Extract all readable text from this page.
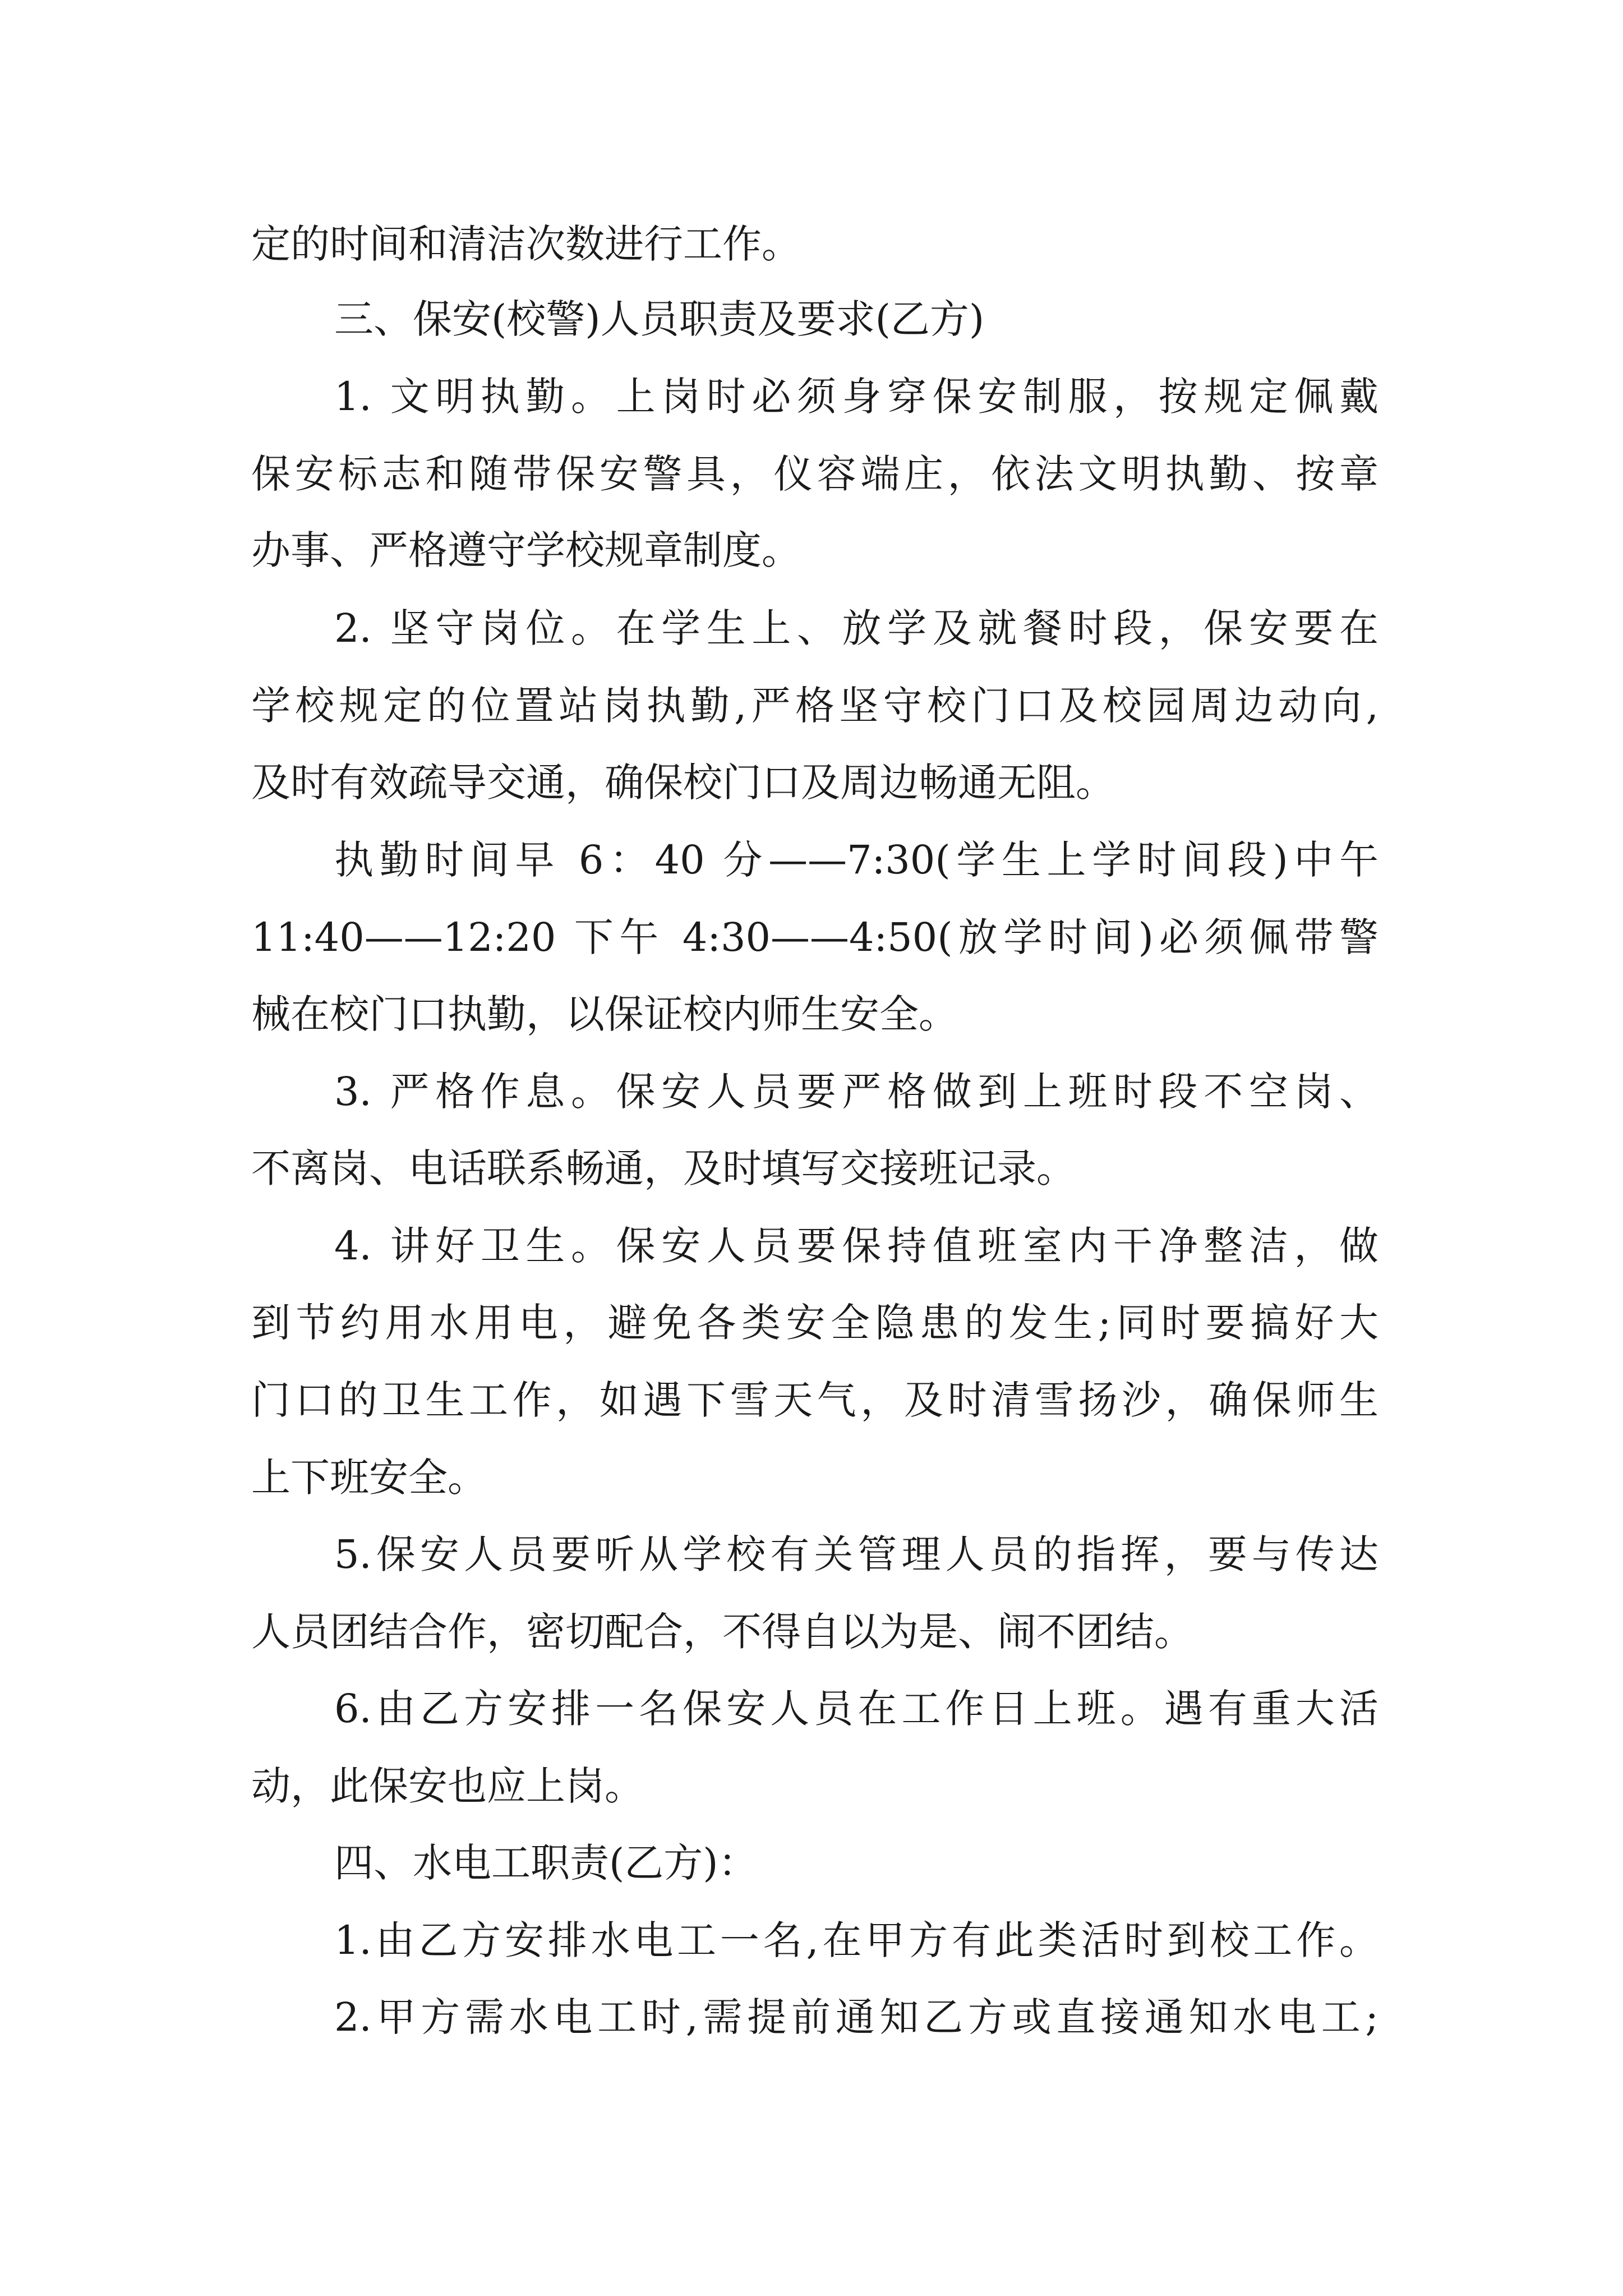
定的时间和清洁次数进行工作。
三、保安(校警)人员职责及要求(乙方)
1. 文明执勤。上岗时必须身穿保安制服，按规定佩戴
保安标志和随带保安警具，仪容端庄，依法文明执勤、按章
办事、严格遵守学校规章制度。
2. 坚守岗位。在学生上、放学及就餐时段，保安要在
学校规定的位置站岗执勤,严格坚守校门口及校园周边动向,
及时有效疏导交通，确保校门口及周边畅通无阻。
执勤时间早 6：40 分——7:30(学生上学时间段)中午
11:40——12:20 下午 4:30——4:50(放学时间)必须佩带警
械在校门口执勤，以保证校内师生安全。
3. 严格作息。保安人员要严格做到上班时段不空岗、
不离岗、电话联系畅通，及时填写交接班记录。
4. 讲好卫生。保安人员要保持值班室内干净整洁，做
到节约用水用电，避免各类安全隐患的发生;同时要搞好大
门口的卫生工作，如遇下雪天气，及时清雪扬沙，确保师生
上下班安全。
5.保安人员要听从学校有关管理人员的指挥，要与传达
人员团结合作，密切配合，不得自以为是、闹不团结。
6.由乙方安排一名保安人员在工作日上班。遇有重大活
动，此保安也应上岗。
四、水电工职责(乙方)：
1.由乙方安排水电工一名,在甲方有此类活时到校工作。
2.甲方需水电工时,需提前通知乙方或直接通知水电工;
